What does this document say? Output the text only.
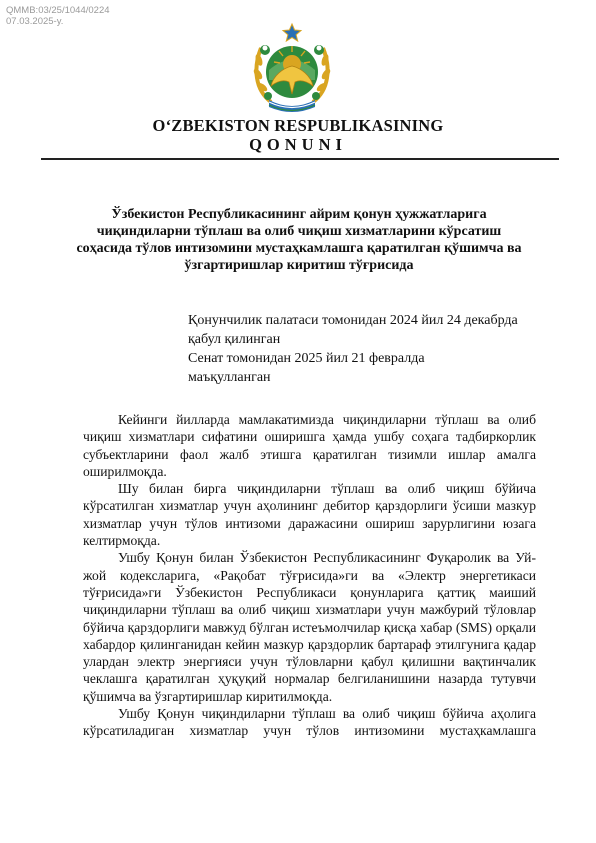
QMMB:03/25/1044/0224
07.03.2025-y.
O‘ZBEKISTON RESPUBLIKASINING
QONUNI
Ўзбекистон Республикасининг айрим қонун ҳужжатларига чиқиндиларни тўплаш ва олиб чиқиш хизматларини кўрсатиш соҳасида тўлов интизомини мустаҳкамлашга қаратилган қўшимча ва ўзгартиришлар киритиш тўғрисида
Қонунчилик палатаси томонидан 2024 йил 24 декабрда
қабул қилинган
Сенат томонидан 2025 йил 21 февралда
маъқулланган

Кейинги йилларда мамлакатимизда чиқиндиларни тўплаш ва олиб чиқиш хизматлари сифатини оширишга ҳамда ушбу соҳага тадбиркорлик субъектларини фаол жалб этишга қаратилган тизимли ишлар амалга оширилмоқда.

Шу билан бирга чиқиндиларни тўплаш ва олиб чиқиш бўйича кўрсатилган хизматлар учун аҳолининг дебитор қарздорлиги ўсиши мазкур хизматлар учун тўлов интизоми даражасини ошириш зарурлигини юзага келтирмоқда.

Ушбу Қонун билан Ўзбекистон Республикасининг Фуқаролик ва Уй-жой кодексларига, «Рақобат тўғрисида»ги ва «Электр энергетикаси тўғрисида»ги Ўзбекистон Республикаси қонунларига қаттиқ маиший чиқиндиларни тўплаш ва олиб чиқиш хизматлари учун мажбурий тўловлар бўйича қарздорлиги мавжуд бўлган истеъмолчилар қисқа хабар (SMS) орқали хабардор қилинганидан кейин мазкур қарздорлик бартараф этилгунига қадар улардан электр энергияси учун тўловларни қабул қилишни вақтинчалик чеклашга қаратилган ҳуқуқий нормалар белгиланишини назарда тутувчи қўшимча ва ўзгартиришлар киритилмоқда.

Ушбу Қонун чиқиндиларни тўплаш ва олиб чиқиш бўйича аҳолига кўрсатиладиган хизматлар учун тўлов интизомини мустаҳкамлашга
